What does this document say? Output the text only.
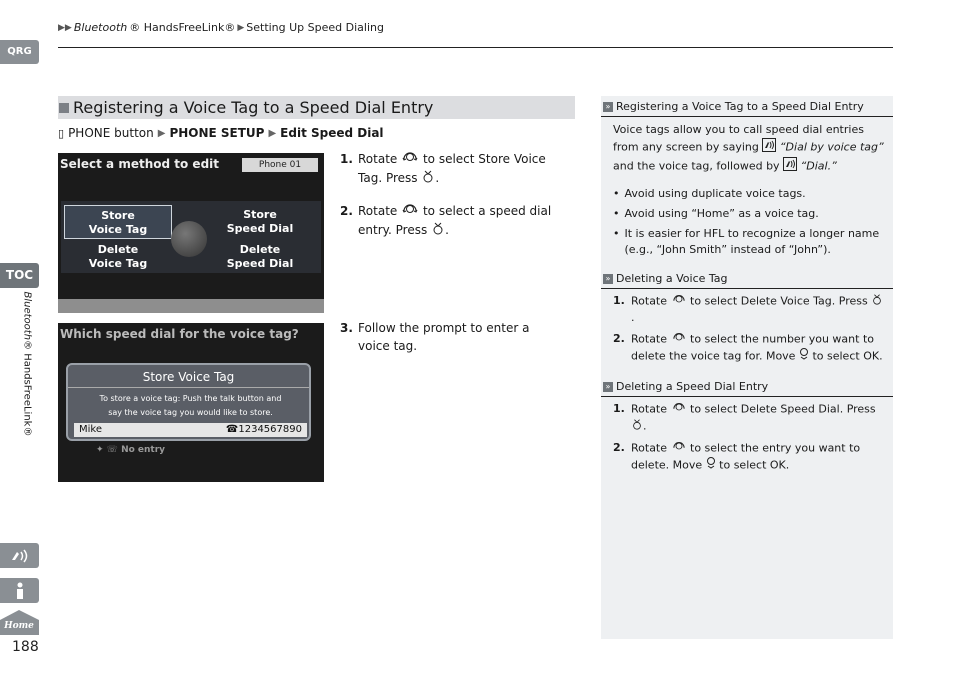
▶▶ Bluetooth ® HandsFreeLink® ▶ Setting Up Speed Dialing
QRG
TOC
Bluetooth® HandsFreeLink®
Home
188
Registering a Voice Tag to a Speed Dial Entry
▯ PHONE button ▶ PHONE SETUP ▶ Edit Speed Dial
Select a method to edit	Phone 01
Store
Voice Tag
Store
Speed Dial
Delete
Voice Tag
Delete
Speed Dial
Which speed dial for the voice tag?
Store Voice Tag
To store a voice tag: Push the talk button and
say the voice tag you would like to store.
Mike	☎1234567890
✦ ☏ No entry
1. Rotate to select Store Voice Tag. Press .
2. Rotate to select a speed dial entry. Press .
3. Follow the prompt to enter a voice tag.
» Registering a Voice Tag to a Speed Dial Entry
Voice tags allow you to call speed dial entries from any screen by saying “Dial by voice tag” and the voice tag, followed by “Dial.”
• Avoid using duplicate voice tags.
• Avoid using “Home” as a voice tag.
• It is easier for HFL to recognize a longer name (e.g., “John Smith” instead of “John”).
» Deleting a Voice Tag
1. Rotate to select Delete Voice Tag. Press .
2. Rotate to select the number you want to delete the voice tag for. Move to select OK.
» Deleting a Speed Dial Entry
1. Rotate to select Delete Speed Dial. Press .
2. Rotate to select the entry you want to delete. Move to select OK.
